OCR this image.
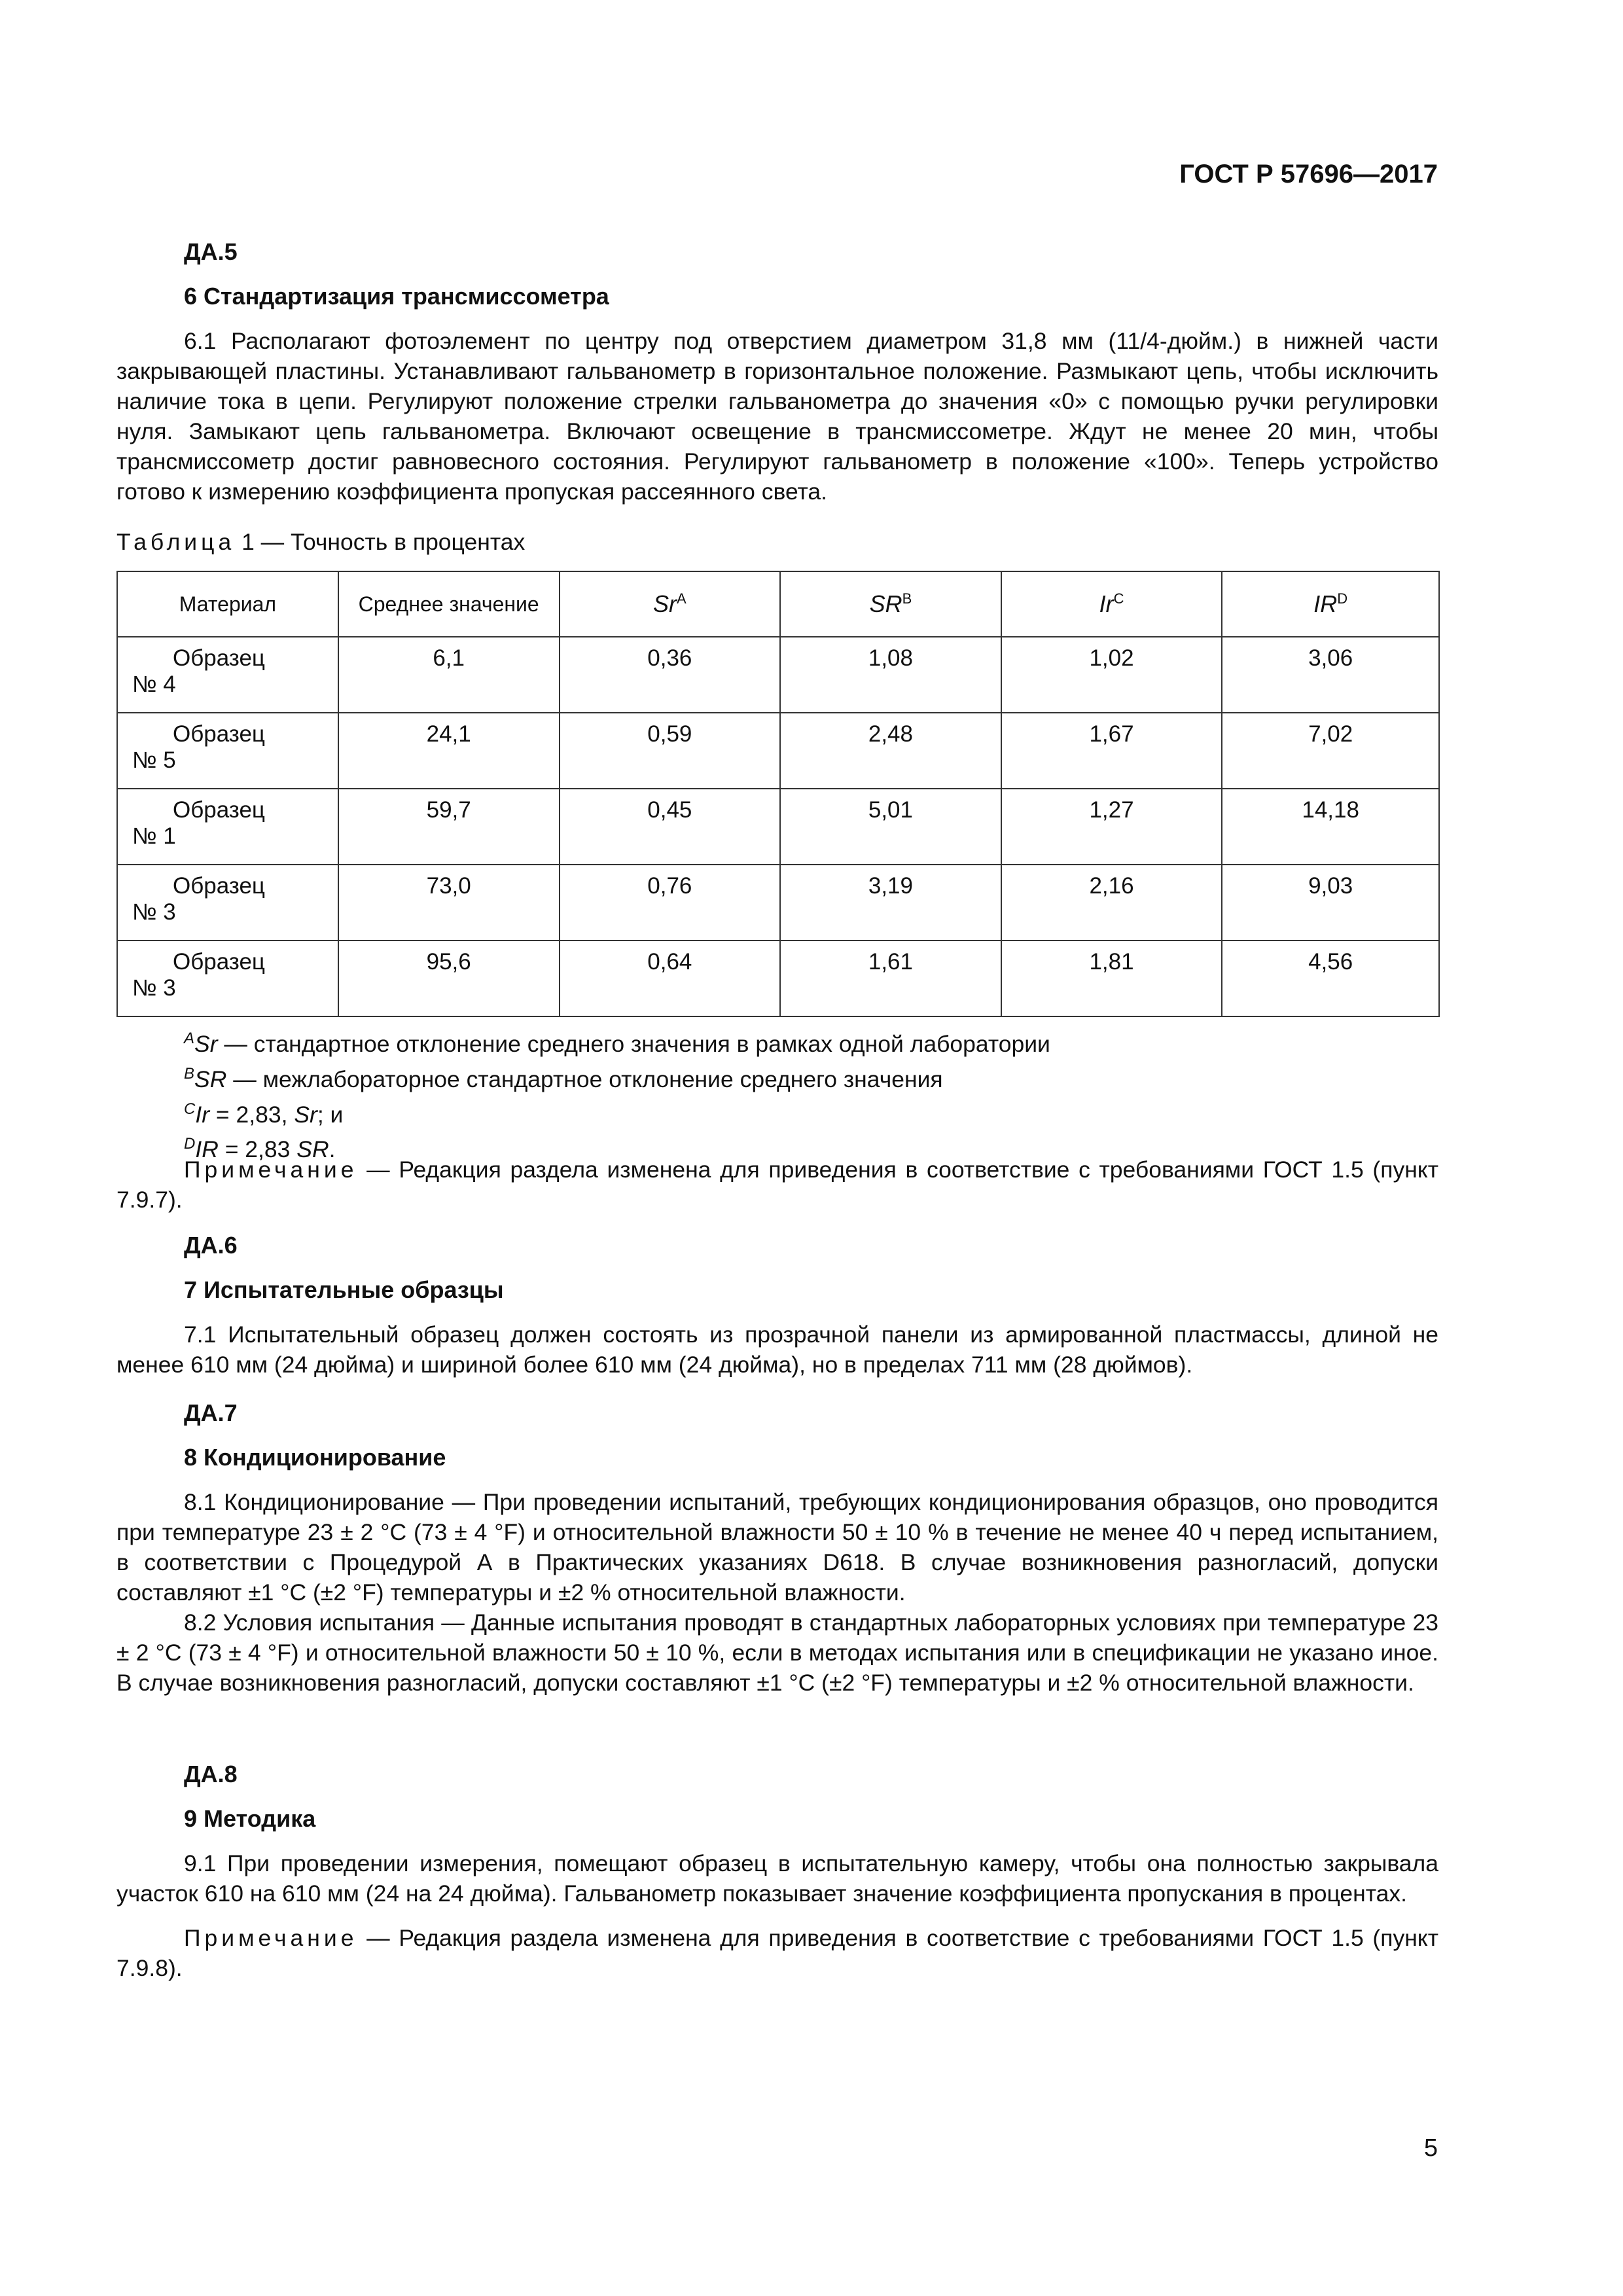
ГОСТ Р 57696—2017
ДА.5
6 Стандартизация трансмиссометра

6.1 Располагают фотоэлемент по центру под отверстием диаметром 31,8 мм (11/4-дюйм.) в нижней части закрывающей пластины. Устанавливают гальванометр в горизонтальное положение. Размыкают цепь, чтобы исключить наличие тока в цепи. Регулируют положение стрелки гальванометра до значения «0» с помощью ручки регулировки нуля. Замыкают цепь гальванометра. Включают освещение в трансмиссометре. Ждут не менее 20 мин, чтобы трансмиссометр достиг равновесного состояния. Регулируют гальванометр в положение «100». Теперь устройство готово к измерению коэффициента пропуская рассеянного света.

Таблица 1 — Точность в процентах
Материал	Среднее значение	$Sr^A$	$SR^B$	$Ir^C$	$IR^D$

Образец
№ 4	6,1	0,36	1,08	1,02	3,06

Образец
№ 5	24,1	0,59	2,48	1,67	7,02

Образец
№ 1	59,7	0,45	5,01	1,27	14,18

Образец
№ 3	73,0	0,76	3,19	2,16	9,03

Образец
№ 3	95,6	0,64	1,61	1,81	4,56
$^A$Sr — стандартное отклонение среднего значения в рамках одной лаборатории
$^B$SR — межлабораторное стандартное отклонение среднего значения
$^C$Ir = 2,83, Sr; и
$^D$IR = 2,83 SR.

Примечание — Редакция раздела изменена для приведения в соответствие с требованиями ГОСТ 1.5 (пункт 7.9.7).

ДА.6
7 Испытательные образцы

7.1 Испытательный образец должен состоять из прозрачной панели из армированной пластмассы, длиной не менее 610 мм (24 дюйма) и шириной более 610 мм (24 дюйма), но в пределах 711 мм (28 дюймов).

ДА.7
8 Кондиционирование

8.1 Кондиционирование — При проведении испытаний, требующих кондиционирования образцов, оно проводится при температуре 23 ± 2 °C (73 ± 4 °F) и относительной влажности 50 ± 10 % в течение не менее 40 ч перед испытанием, в соответствии с Процедурой А в Практических указаниях D618. В случае возникновения разногласий, допуски составляют ±1 °C (±2 °F) температуры и ±2 % относительной влажности.

8.2 Условия испытания — Данные испытания проводят в стандартных лабораторных условиях при температуре 23 ± 2 °C (73 ± 4 °F) и относительной влажности 50 ± 10 %, если в методах испытания или в спецификации не указано иное. В случае возникновения разногласий, допуски составляют ±1 °C (±2 °F) температуры и ±2 % относительной влажности.

ДА.8
9 Методика

9.1 При проведении измерения, помещают образец в испытательную камеру, чтобы она полностью закрывала участок 610 на 610 мм (24 на 24 дюйма). Гальванометр показывает значение коэффициента пропускания в процентах.

Примечание — Редакция раздела изменена для приведения в соответствие с требованиями ГОСТ 1.5 (пункт 7.9.8).

5
